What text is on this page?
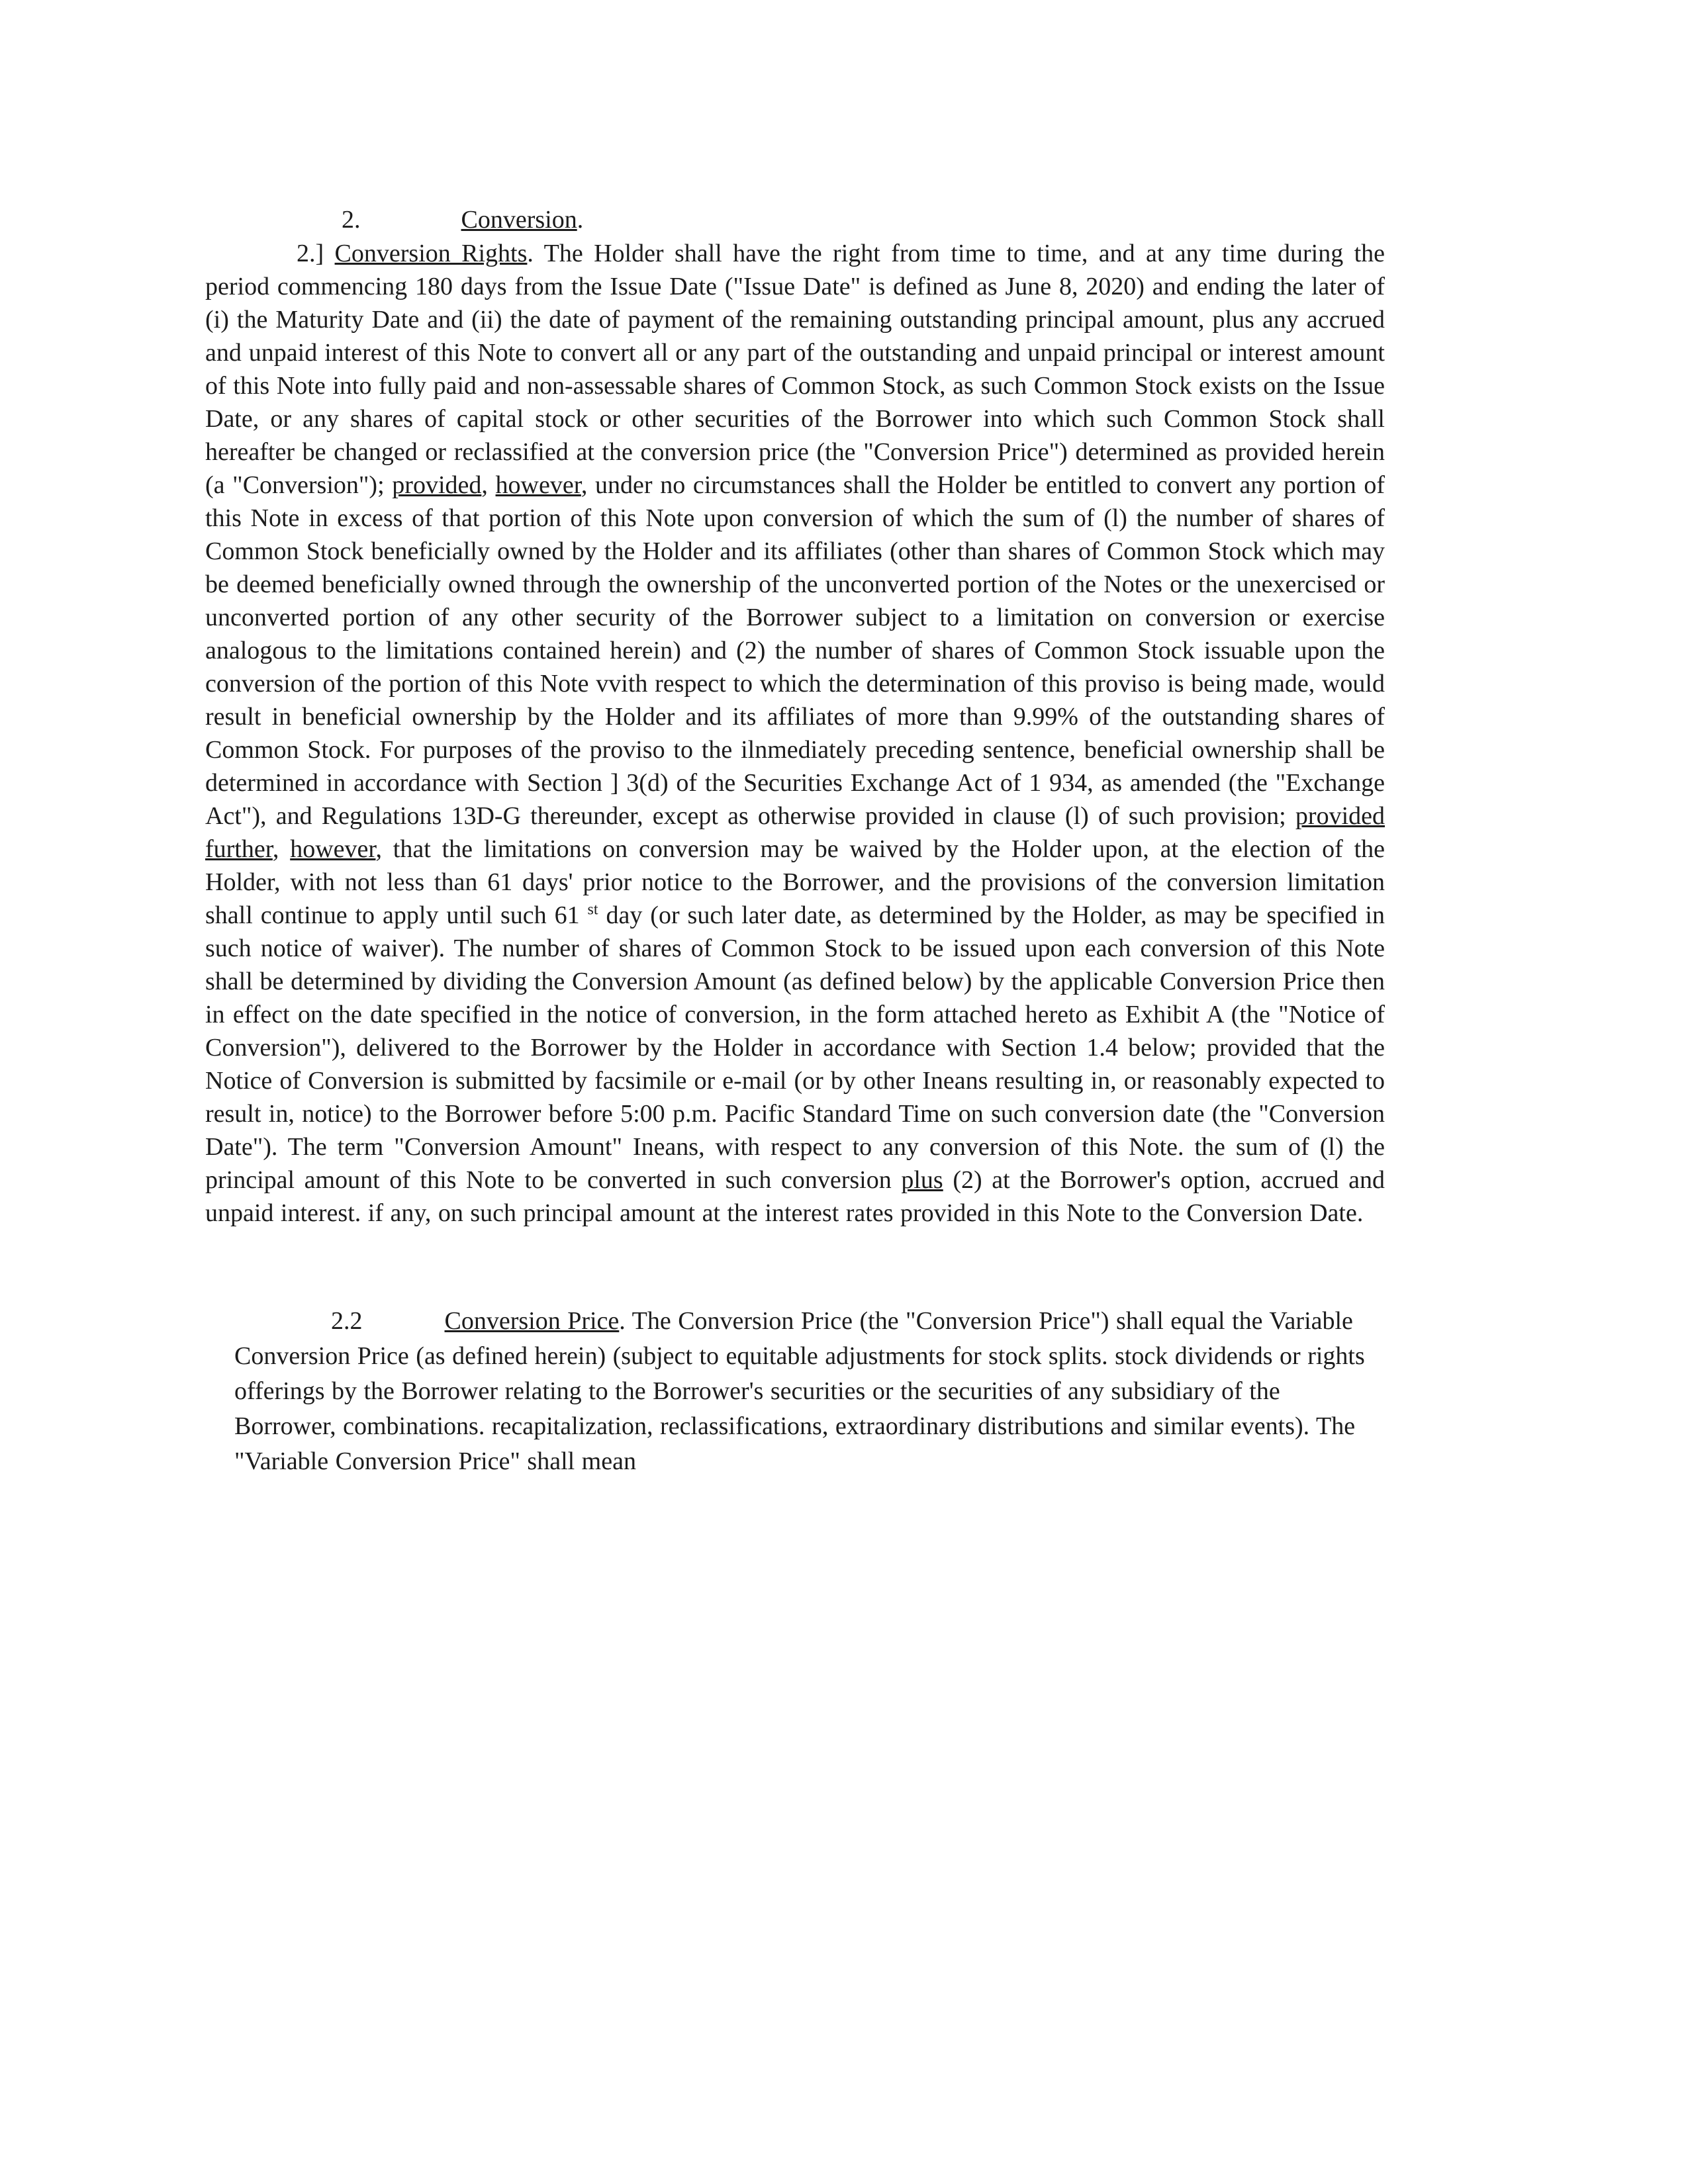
2.	Conversion.

2.] Conversion Rights. The Holder shall have the right from time to time, and at any time during the period commencing 180 days from the Issue Date ("Issue Date" is defined as June 8, 2020) and ending the later of (i) the Maturity Date and (ii) the date of payment of the remaining outstanding principal amount, plus any accrued and unpaid interest of this Note to convert all or any part of the outstanding and unpaid principal or interest amount of this Note into fully paid and non-assessable shares of Common Stock, as such Common Stock exists on the Issue Date, or any shares of capital stock or other securities of the Borrower into which such Common Stock shall hereafter be changed or reclassified at the conversion price (the "Conversion Price") determined as provided herein (a "Conversion"); provided, however, under no circumstances shall the Holder be entitled to convert any portion of this Note in excess of that portion of this Note upon conversion of which the sum of (l) the number of shares of Common Stock beneficially owned by the Holder and its affiliates (other than shares of Common Stock which may be deemed beneficially owned through the ownership of the unconverted portion of the Notes or the unexercised or unconverted portion of any other security of the Borrower subject to a limitation on conversion or exercise analogous to the limitations contained herein) and (2) the number of shares of Common Stock issuable upon the conversion of the portion of this Note vvith respect to which the determination of this proviso is being made, would result in beneficial ownership by the Holder and its affiliates of more than 9.99% of the outstanding shares of Common Stock. For purposes of the proviso to the ilnmediately preceding sentence, beneficial ownership shall be determined in accordance with Section ] 3(d) of the Securities Exchange Act of 1 934, as amended (the "Exchange Act"), and Regulations 13D-G thereunder, except as otherwise provided in clause (l) of such provision; provided further, however, that the limitations on conversion may be waived by the Holder upon, at the election of the Holder, with not less than 61 days' prior notice to the Borrower, and the provisions of the conversion limitation shall continue to apply until such 61 $^{st}$ day (or such later date, as determined by the Holder, as may be specified in such notice of waiver). The number of shares of Common Stock to be issued upon each conversion of this Note shall be determined by dividing the Conversion Amount (as defined below) by the applicable Conversion Price then in effect on the date specified in the notice of conversion, in the form attached hereto as Exhibit A (the "Notice of Conversion"), delivered to the Borrower by the Holder in accordance with Section 1.4 below; provided that the Notice of Conversion is submitted by facsimile or e-mail (or by other Ineans resulting in, or reasonably expected to result in, notice) to the Borrower before 5:00 p.m. Pacific Standard Time on such conversion date (the "Conversion Date"). The term "Conversion Amount" Ineans, with respect to any conversion of this Note. the sum of (l) the principal amount of this Note to be converted in such conversion plus (2) at the Borrower's option, accrued and unpaid interest. if any, on such principal amount at the interest rates provided in this Note to the Conversion Date.

2.2	Conversion Price. The Conversion Price (the "Conversion Price") shall equal the Variable Conversion Price (as defined herein) (subject to equitable adjustments for stock splits. stock dividends or rights offerings by the Borrower relating to the Borrower's securities or the securities of any subsidiary of the Borrower, combinations. recapitalization, reclassifications, extraordinary distributions and similar events). The "Variable Conversion Price" shall mean
